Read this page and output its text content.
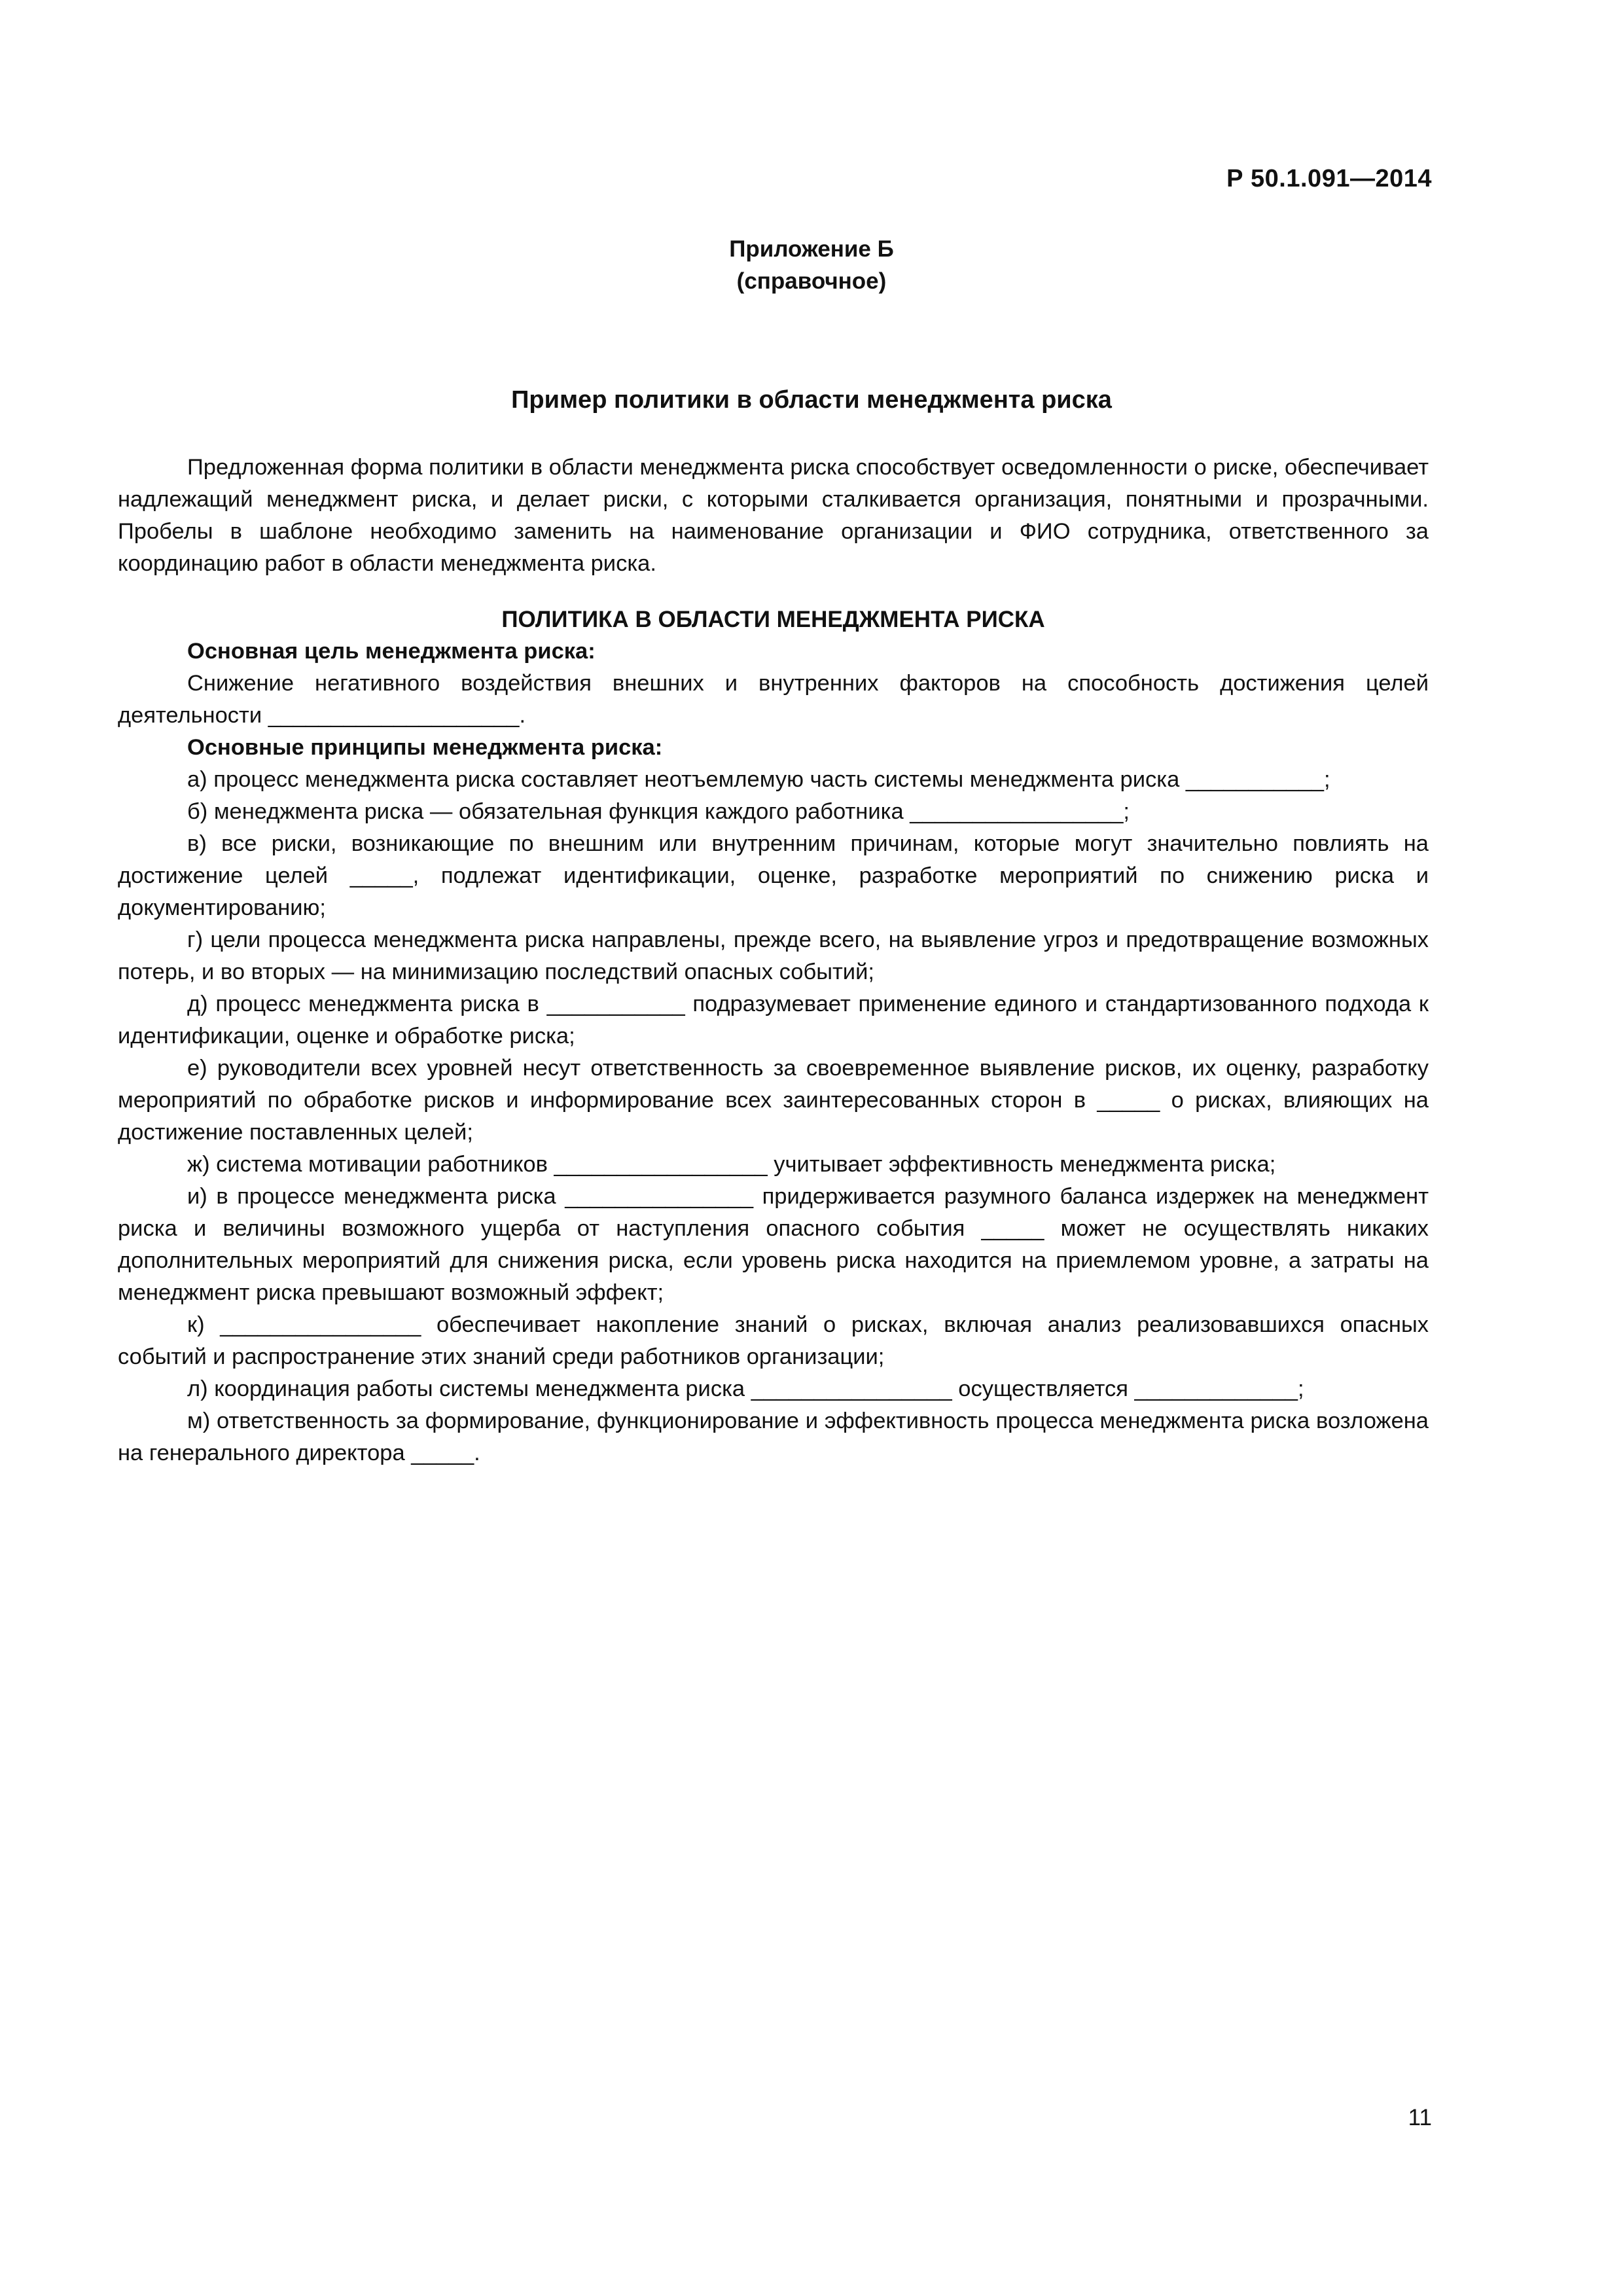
Р 50.1.091—2014
Приложение Б
(справочное)
Пример политики в области менеджмента риска

Предложенная форма политики в области менеджмента риска способствует осведомленности о риске, обеспечивает надлежащий менеджмент риска, и делает риски, с которыми сталкивается организация, понятными и прозрачными. Пробелы в шаблоне необходимо заменить на наименование организации и ФИО сотрудника, ответственного за координацию работ в области менеджмента риска.

ПОЛИТИКА В ОБЛАСТИ МЕНЕДЖМЕНТА РИСКА

Основная цель менеджмента риска:

Снижение негативного воздействия внешних и внутренних факторов на способность достижения целей деятельности ____________________.

Основные принципы менеджмента риска:

а) процесс менеджмента риска составляет неотъемлемую часть системы менеджмента риска ___________;

б) менеджмента риска — обязательная функция каждого работника _________________;

в) все риски, возникающие по внешним или внутренним причинам, которые могут значительно повлиять на достижение целей _____, подлежат идентификации, оценке, разработке мероприятий по снижению риска и документированию;

г) цели процесса менеджмента риска направлены, прежде всего, на выявление угроз и предотвращение возможных потерь, и во вторых — на минимизацию последствий опасных событий;

д) процесс менеджмента риска в ___________ подразумевает применение единого и стандартизованного подхода к идентификации, оценке и обработке риска;

е) руководители всех уровней несут ответственность за своевременное выявление рисков, их оценку, разработку мероприятий по обработке рисков и информирование всех заинтересованных сторон в _____ о рисках, влияющих на достижение поставленных целей;

ж) система мотивации работников _________________ учитывает эффективность менеджмента риска;

и) в процессе менеджмента риска _______________ придерживается разумного баланса издержек на менеджмент риска и величины возможного ущерба от наступления опасного события _____ может не осуществлять никаких дополнительных мероприятий для снижения риска, если уровень риска находится на приемлемом уровне, а затраты на менеджмент риска превышают возможный эффект;

к) ________________ обеспечивает накопление знаний о рисках, включая анализ реализовавшихся опасных событий и распространение этих знаний среди работников организации;

л) координация работы системы менеджмента риска ________________ осуществляется _____________;

м) ответственность за формирование, функционирование и эффективность процесса менеджмента риска возложена на генерального директора _____.

11
